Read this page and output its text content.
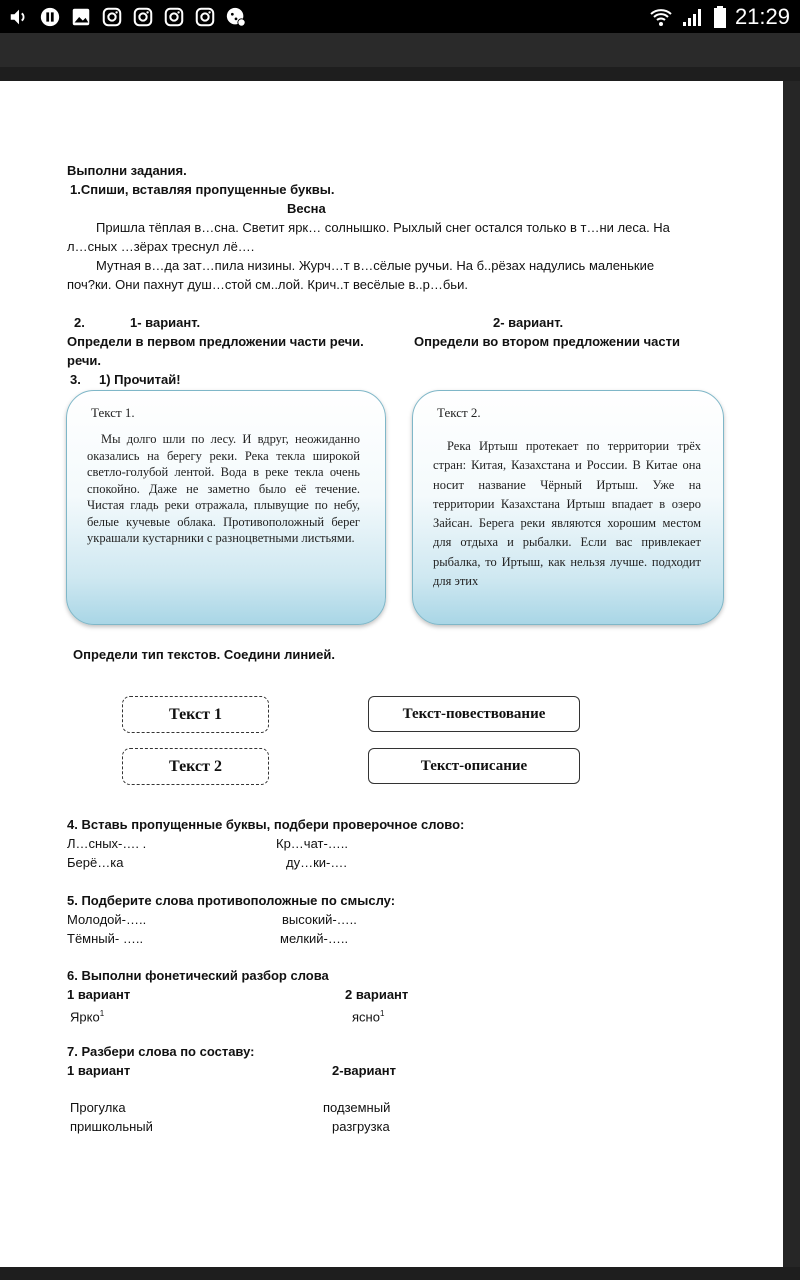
21:29
Выполни задания.
1.Спиши, вставляя пропущенные буквы.
Весна
Пришла тёплая в…сна. Светит ярк… солнышко. Рыхлый снег остался только в т…ни леса. На
л…сных …зёрах треснул лё….
Мутная в…да зат…пила низины. Журч…т в…сёлые ручьи. На б..рёзах надулись маленькие
поч?ки. Они пахнут душ…стой см..лой. Крич..т весёлые в..р…бьи.
2.	1- вариант.	2- вариант.
Определи в первом предложении части речи.	Определи во втором предложении части
речи.
3. 1) Прочитай!
Текст 1.
Мы долго шли по лесу. И вдруг, неожиданно оказались на берегу реки. Река текла широкой светло-голубой лентой. Вода в реке текла очень спокойно. Даже не заметно было её течение. Чистая гладь реки отражала, плывущие по небу, белые кучевые облака. Противоположный берег украшали кустарники с разноцветными листьями.
Текст 2.
Река Иртыш протекает по территории трёх стран: Китая, Казахстана и России. В Китае она носит название Чёрный Иртыш. Уже на территории Казахстана Иртыш впадает в озеро Зайсан. Берега реки являются хорошим местом для отдыха и рыбалки. Если вас привлекает рыбалка, то Иртыш, как нельзя лучше. подходит для этих
Определи тип текстов. Соедини линией.
Текст 1
Текст 2
Текст-повествование
Текст-описание
4. Вставь пропущенные буквы, подбери проверочное слово:
Л…сных-…. .	Кр…чат-…..
Берё…ка	ду…ки-….
5. Подберите слова противоположные по смыслу:
Молодой-…..	высокий-…..
Тёмный- …..	мелкий-…..
6. Выполни фонетический разбор слова
1 вариант	2 вариант
Ярко$^1$	ясно$^1$
7. Разбери слова по составу:
1 вариант	2-вариант
Прогулка	подземный
пришкольный	разгрузка
